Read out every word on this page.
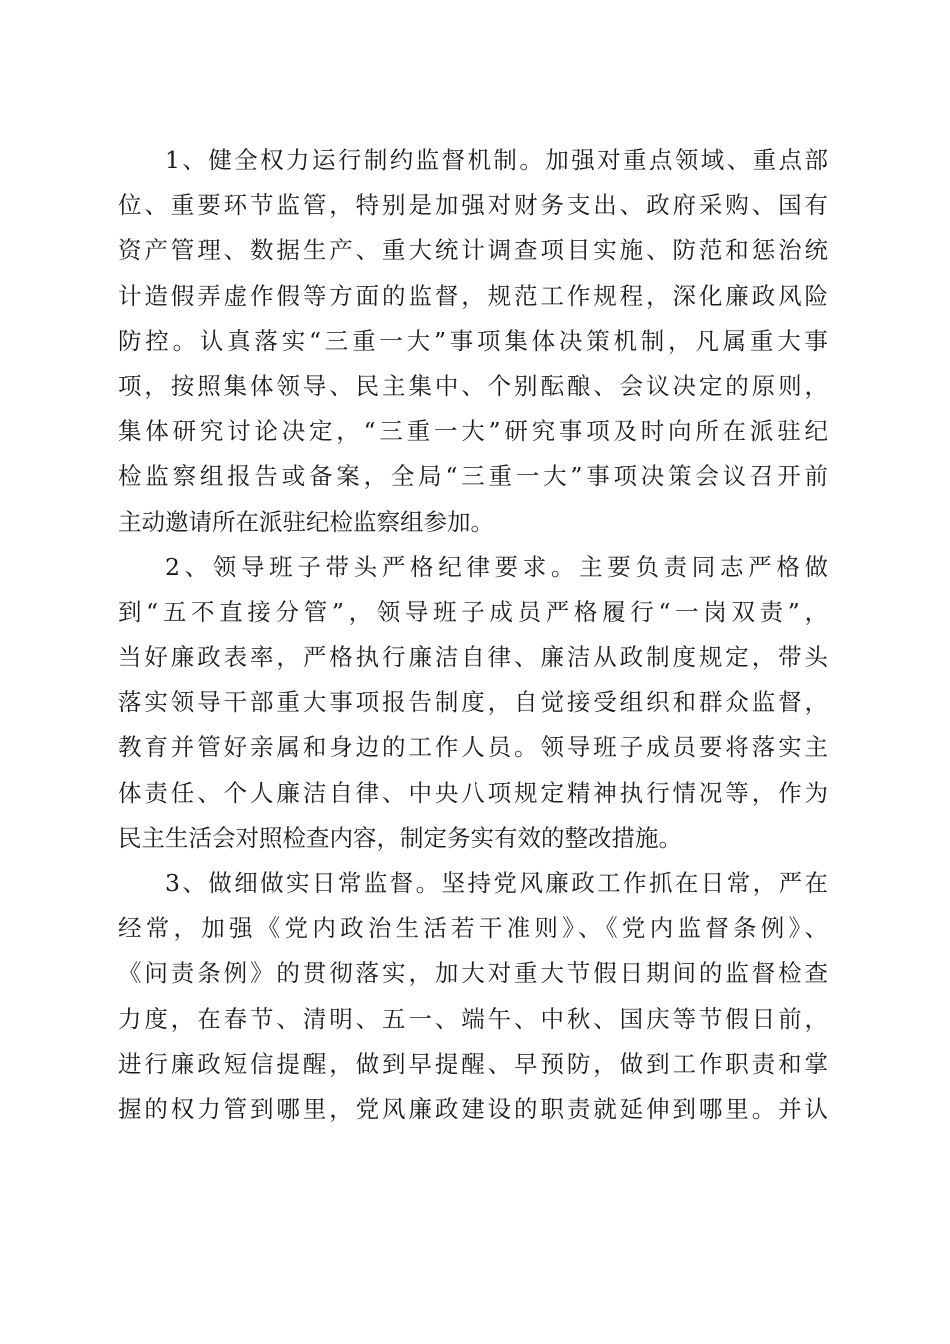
1、健全权力运行制约监督机制。加强对重点领域、重点部
位、重要环节监管，特别是加强对财务支出、政府采购、国有
资产管理、数据生产、重大统计调查项目实施、防范和惩治统
计造假弄虚作假等方面的监督，规范工作规程，深化廉政风险
防控。认真落实“三重一大”事项集体决策机制，凡属重大事
项，按照集体领导、民主集中、个别酝酿、会议决定的原则，
集体研究讨论决定，“三重一大”研究事项及时向所在派驻纪
检监察组报告或备案，全局“三重一大”事项决策会议召开前
主动邀请所在派驻纪检监察组参加。
2、领导班子带头严格纪律要求。主要负责同志严格做
到“五不直接分管”，领导班子成员严格履行“一岗双责”，
当好廉政表率，严格执行廉洁自律、廉洁从政制度规定，带头
落实领导干部重大事项报告制度，自觉接受组织和群众监督，
教育并管好亲属和身边的工作人员。领导班子成员要将落实主
体责任、个人廉洁自律、中央八项规定精神执行情况等，作为
民主生活会对照检查内容，制定务实有效的整改措施。
3、做细做实日常监督。坚持党风廉政工作抓在日常，严在
经常，加强《党内政治生活若干准则》、《党内监督条例》、
《问责条例》的贯彻落实，加大对重大节假日期间的监督检查
力度，在春节、清明、五一、端午、中秋、国庆等节假日前，
进行廉政短信提醒，做到早提醒、早预防，做到工作职责和掌
握的权力管到哪里，党风廉政建设的职责就延伸到哪里。并认
